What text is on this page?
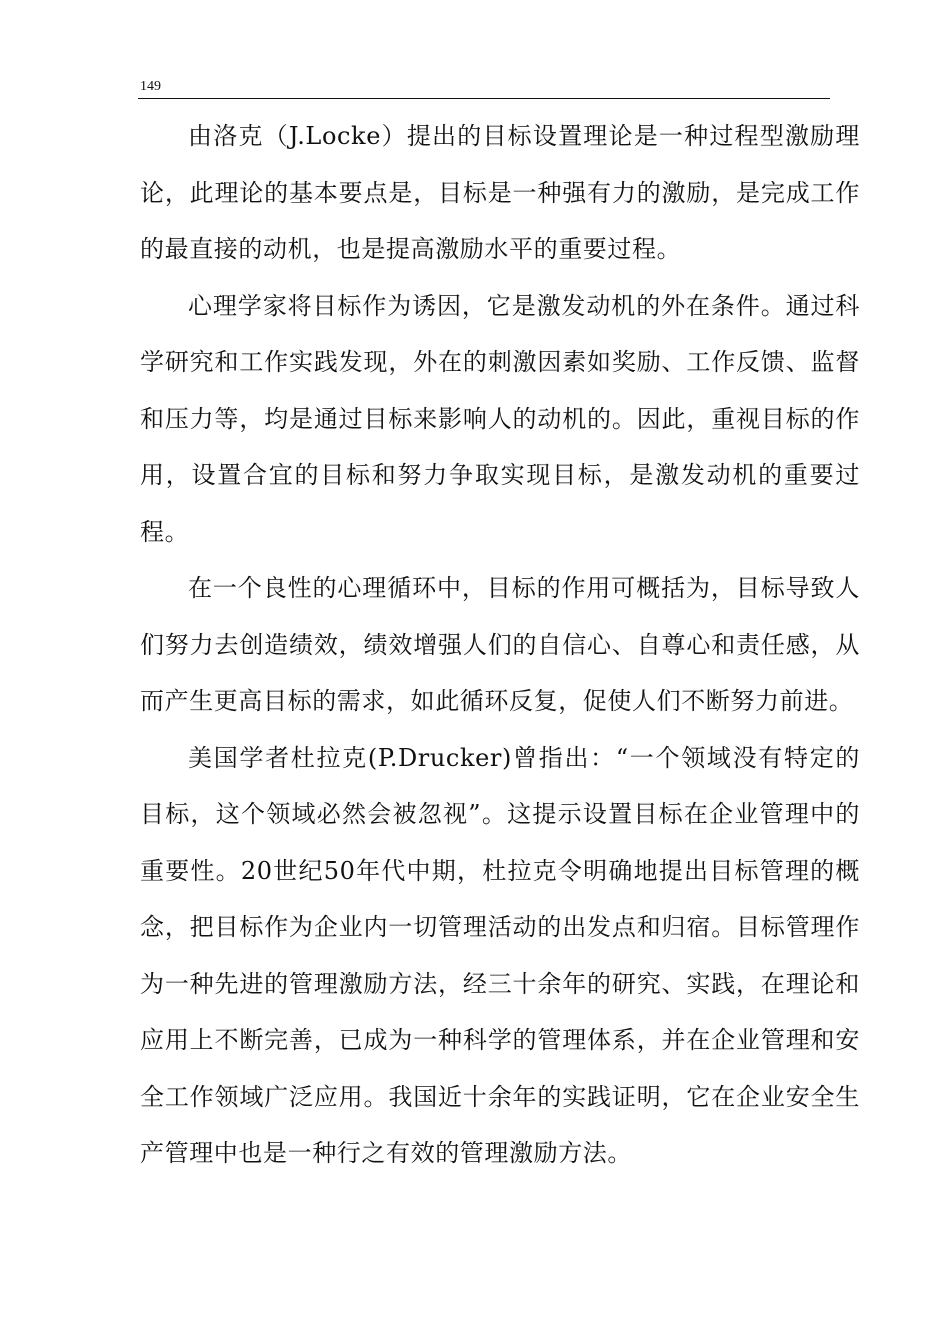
149

由洛克（J.Locke）提出的目标设置理论是一种过程型激励理论，此理论的基本要点是，目标是一种强有力的激励，是完成工作的最直接的动机，也是提高激励水平的重要过程。

心理学家将目标作为诱因，它是激发动机的外在条件。通过科学研究和工作实践发现，外在的刺激因素如奖励、工作反馈、监督和压力等，均是通过目标来影响人的动机的。因此，重视目标的作用，设置合宜的目标和努力争取实现目标，是激发动机的重要过程。

在一个良性的心理循环中，目标的作用可概括为，目标导致人们努力去创造绩效，绩效增强人们的自信心、自尊心和责任感，从而产生更高目标的需求，如此循环反复，促使人们不断努力前进。

美国学者杜拉克(P.Drucker)曾指出：“一个领域没有特定的目标，这个领域必然会被忽视”。这提示设置目标在企业管理中的重要性。20世纪50年代中期，杜拉克令明确地提出目标管理的概念，把目标作为企业内一切管理活动的出发点和归宿。目标管理作为一种先进的管理激励方法，经三十余年的研究、实践，在理论和应用上不断完善，已成为一种科学的管理体系，并在企业管理和安全工作领域广泛应用。我国近十余年的实践证明，它在企业安全生产管理中也是一种行之有效的管理激励方法。
